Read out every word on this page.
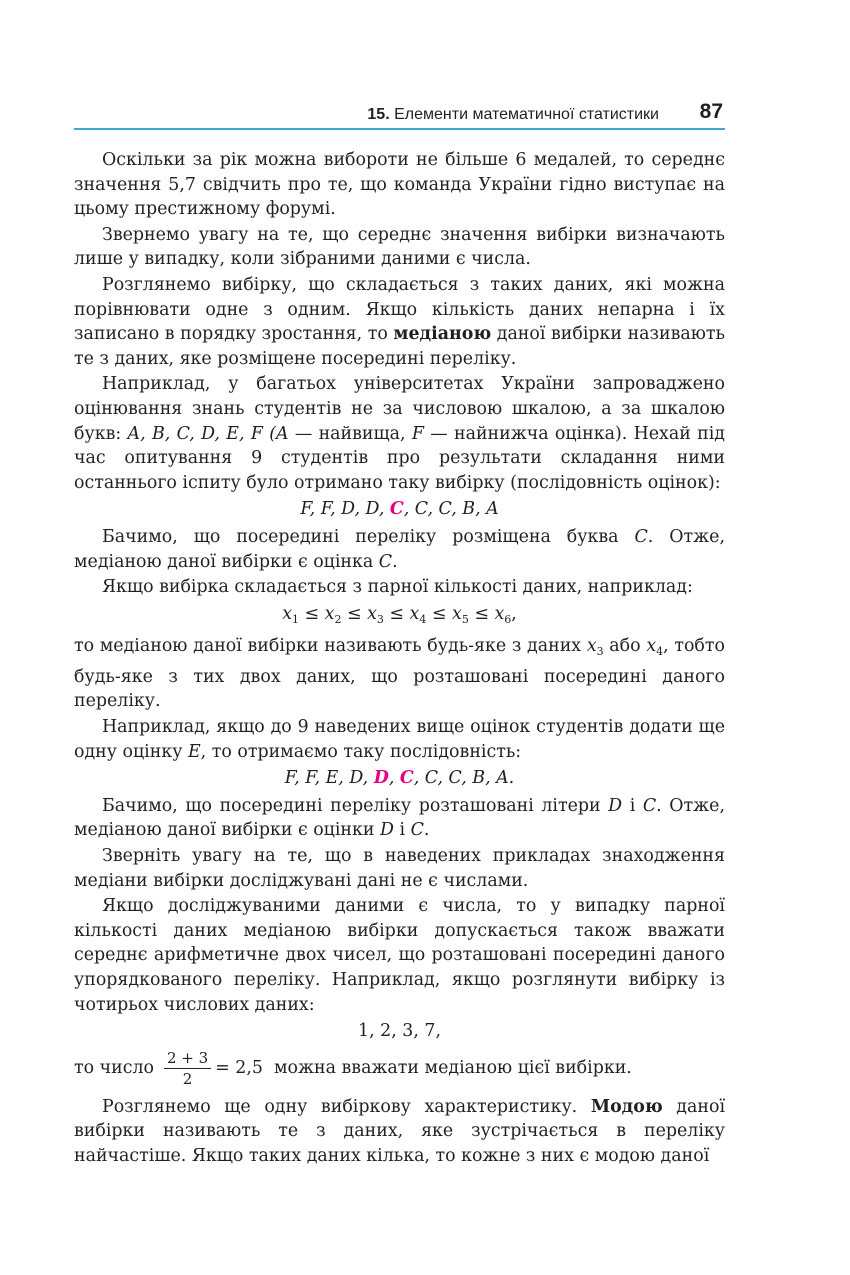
15. Елементи математичної статистики 87

Оскільки за рік можна вибороти не більше 6 медалей, то середнє значення 5,7 свідчить про те, що команда України гідно виступає на цьому престижному форумі.

Звернемо увагу на те, що середнє значення вибірки визначають лише у випадку, коли зібраними даними є числа.

Розглянемо вибірку, що складається з таких даних, які можна порівнювати одне з одним. Якщо кількість даних непарна і їх записано в порядку зростання, то медіаною даної вибірки називають те з даних, яке розміщене посередині переліку.

Наприклад, у багатьох університетах України запроваджено оцінювання знань студентів не за числовою шкалою, а за шкалою букв: A, B, C, D, E, F (A — найвища, F — найнижча оцінка). Нехай під час опитування 9 студентів про результати складання ними останнього іспиту було отримано таку вибірку (послідовність оцінок):

F, F, D, D, C, C, C, B, A

Бачимо, що посередині переліку розміщена буква C. Отже, медіаною даної вибірки є оцінка C.

Якщо вибірка складається з парної кількості даних, наприклад:

$x_1 \le x_2 \le x_3 \le x_4 \le x_5 \le x_6$,

то медіаною даної вибірки називають будь-яке з даних $x_3$ або $x_4$, тобто будь-яке з тих двох даних, що розташовані посередині даного переліку.

Наприклад, якщо до 9 наведених вище оцінок студентів додати ще одну оцінку E, то отримаємо таку послідовність:

F, F, E, D, D, C, C, C, B, A.

Бачимо, що посередині переліку розташовані літери D і C. Отже, медіаною даної вибірки є оцінки D і C.

Зверніть увагу на те, що в наведених прикладах знаходження медіани вибірки досліджувані дані не є числами.

Якщо досліджуваними даними є числа, то у випадку парної кількості даних медіаною вибірки допускається також вважати середнє арифметичне двох чисел, що розташовані посередині даного упорядкованого переліку. Наприклад, якщо розглянути вибірку із чотирьох числових даних:

1, 2, 3, 7,
то число $\frac{2 + 3}{2} = 2,5$
можна вважати медіаною цієї вибірки.

Розглянемо ще одну вибіркову характеристику. Модою даної вибірки називають те з даних, яке зустрічається в переліку найчастіше. Якщо таких даних кілька, то кожне з них є модою даної
